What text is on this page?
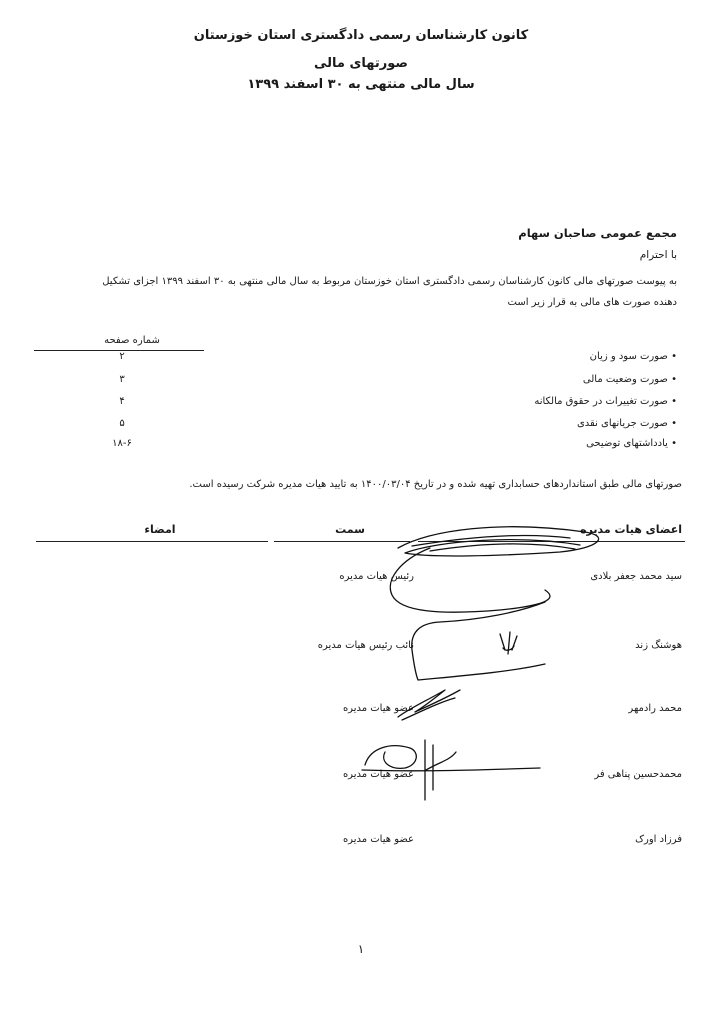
کانون کارشناسان رسمی دادگستری استان خوزستان
صورتهای مالی
سال مالی منتهی به ۳۰ اسفند ۱۳۹۹
مجمع عمومی صاحبان سهام
با احترام
به پیوست صورتهای مالی کانون کارشناسان رسمی دادگستری استان خوزستان مربوط به سال مالی منتهی به ۳۰ اسفند ۱۳۹۹ اجزای تشکیل دهنده صورت های مالی به قرار زیر است
شماره صفحه
• صورت سود و زیان
۲
• صورت وضعیت مالی
۳
• صورت تغییرات در حقوق مالکانه
۴
• صورت جریانهای نقدی
۵
• یادداشتهای توضیحی
۱۸-۶
صورتهای مالی طبق استانداردهای حسابداری تهیه شده و در تاریخ ۱۴۰۰/۰۳/۰۴ به تایید هیات مدیره شرکت رسیده است.
اعضای هیات مدیره
سمت
امضاء
سید محمد جعفر بلادی
رئیس هیات مدیره
هوشنگ زند
نائب رئیس هیات مدیره
محمد رادمهر
عضو هیات مدیره
محمدحسین پناهی فر
عضو هیات مدیره
فرزاد اورک
عضو هیات مدیره
۱
